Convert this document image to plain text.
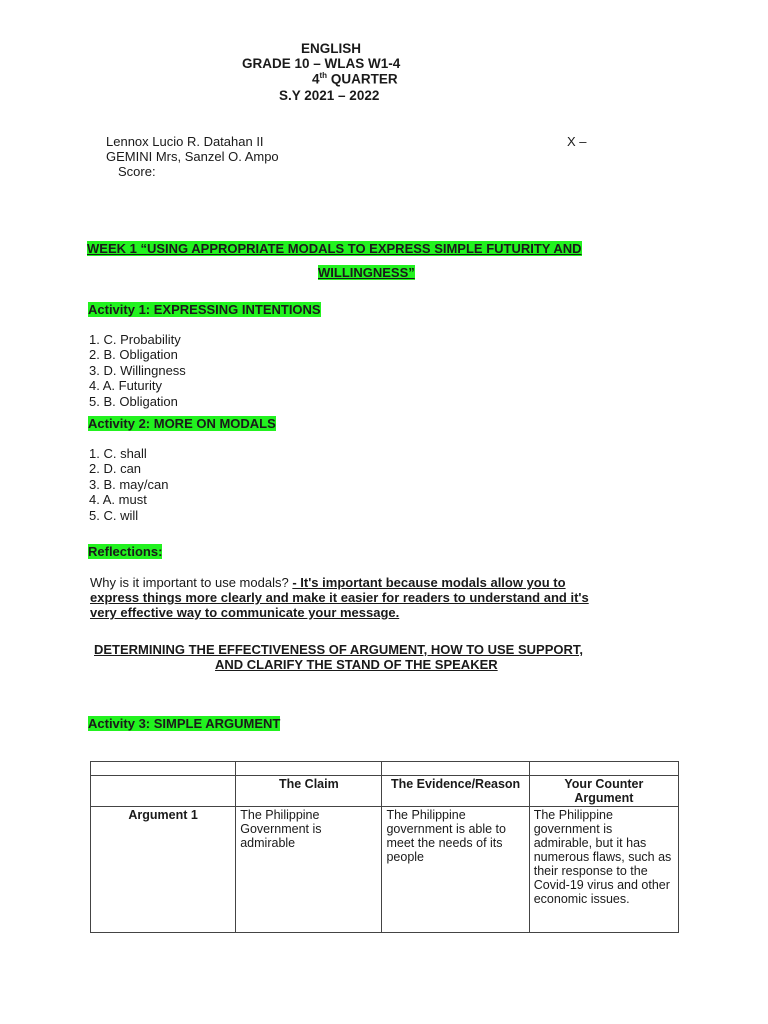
ENGLISH
GRADE 10 – WLAS W1-4
4th QUARTER
S.Y 2021 – 2022
Lennox Lucio R. Datahan II	X –
GEMINI Mrs, Sanzel O. Ampo
Score:
WEEK 1 “USING APPROPRIATE MODALS TO EXPRESS SIMPLE FUTURITY AND
WILLINGNESS”
Activity 1: EXPRESSING INTENTIONS
1. C. Probability
2. B. Obligation
3. D. Willingness
4. A. Futurity
5. B. Obligation
Activity 2: MORE ON MODALS
1. C. shall
2. D. can
3. B. may/can
4. A. must
5. C. will
Reflections:
Why is it important to use modals? - It's important because modals allow you to
express things more clearly and make it easier for readers to understand and it's
very effective way to communicate your message.
DETERMINING THE EFFECTIVENESS OF ARGUMENT, HOW TO USE SUPPORT,
AND CLARIFY THE STAND OF THE SPEAKER
Activity 3: SIMPLE ARGUMENT

	The Claim	The Evidence/Reason	Your Counter Argument
Argument 1	The Philippine Government is admirable	The Philippine government is able to meet the needs of its people	The Philippine government is admirable, but it has numerous flaws, such as their response to the Covid-19 virus and other economic issues.
